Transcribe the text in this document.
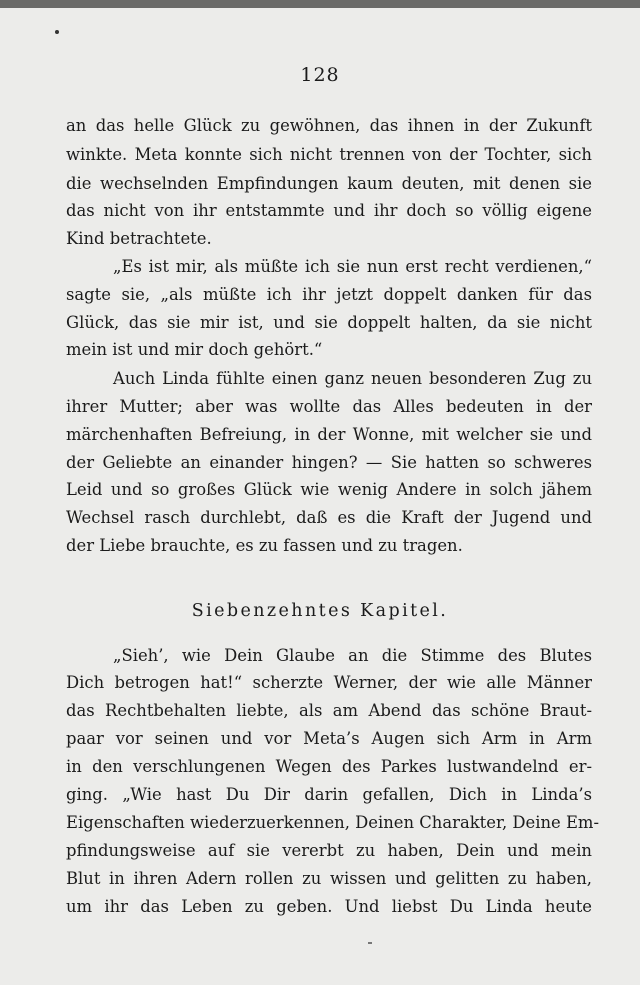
128
an das helle Glück zu gewöhnen, das ihnen in der Zukunft
winkte. Meta konnte sich nicht trennen von der Tochter, sich
die wechselnden Empfindungen kaum deuten, mit denen sie
das nicht von ihr entstammte und ihr doch so völlig eigene
Kind betrachtete.
„Es ist mir, als müßte ich sie nun erst recht verdienen,“
sagte sie, „als müßte ich ihr jetzt doppelt danken für das
Glück, das sie mir ist, und sie doppelt halten, da sie nicht
mein ist und mir doch gehört.“
Auch Linda fühlte einen ganz neuen besonderen Zug zu
ihrer Mutter; aber was wollte das Alles bedeuten in der
märchenhaften Befreiung, in der Wonne, mit welcher sie und
der Geliebte an einander hingen? — Sie hatten so schweres
Leid und so großes Glück wie wenig Andere in solch jähem
Wechsel rasch durchlebt, daß es die Kraft der Jugend und
der Liebe brauchte, es zu fassen und zu tragen.
Siebenzehntes Kapitel.
„Sieh’, wie Dein Glaube an die Stimme des Blutes
Dich betrogen hat!“ scherzte Werner, der wie alle Männer
das Rechtbehalten liebte, als am Abend das schöne Braut-
paar vor seinen und vor Meta’s Augen sich Arm in Arm
in den verschlungenen Wegen des Parkes lustwandelnd er-
ging. „Wie hast Du Dir darin gefallen, Dich in Linda’s
Eigenschaften wiederzuerkennen, Deinen Charakter, Deine Em-
pfindungsweise auf sie vererbt zu haben, Dein und mein
Blut in ihren Adern rollen zu wissen und gelitten zu haben,
um ihr das Leben zu geben. Und liebst Du Linda heute
